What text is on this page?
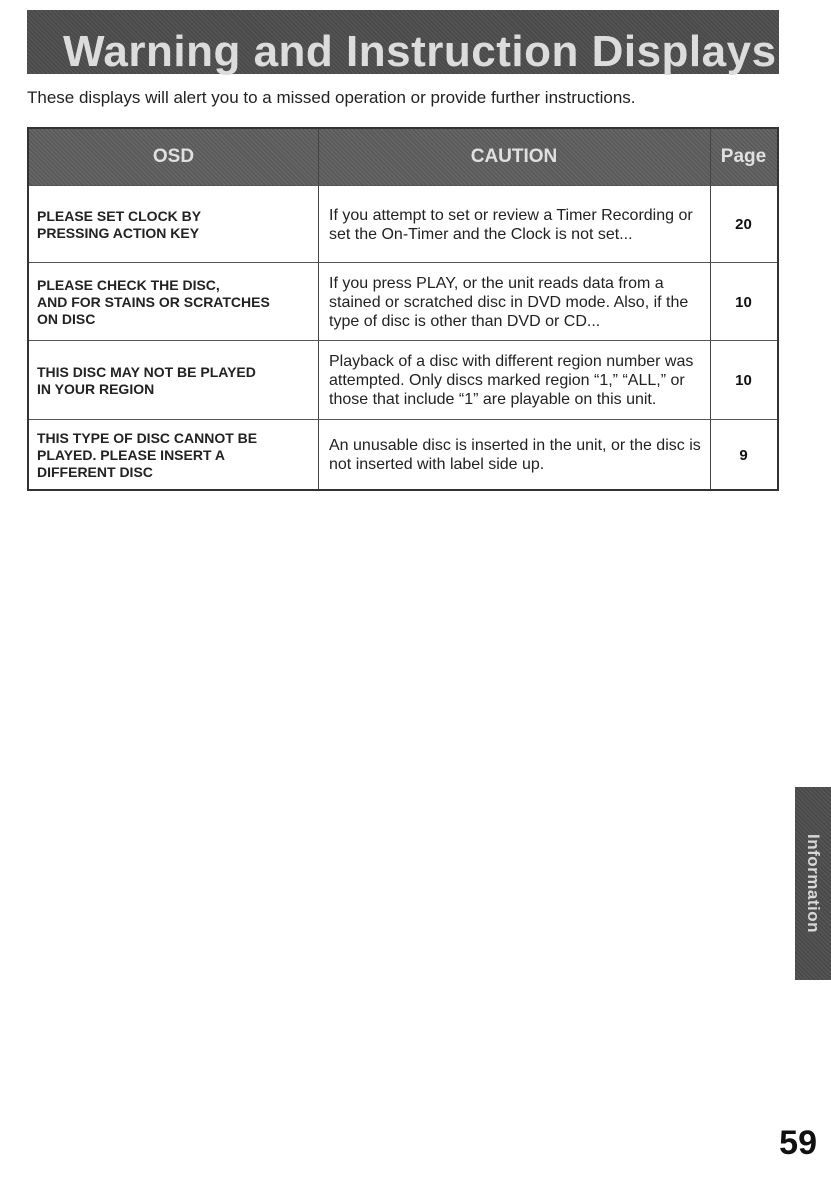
Warning and Instruction Displays
These displays will alert you to a missed operation or provide further instructions.
OSD	CAUTION	Page
PLEASE SET CLOCK BY
PRESSING ACTION KEY
If you attempt to set or review a Timer Recording or set the On-Timer and the Clock is not set...
20
PLEASE CHECK THE DISC,
AND FOR STAINS OR SCRATCHES
ON DISC
If you press PLAY, or the unit reads data from a stained or scratched disc in DVD mode. Also, if the type of disc is other than DVD or CD...
10
THIS DISC MAY NOT BE PLAYED
IN YOUR REGION
Playback of a disc with different region number was attempted. Only discs marked region “1,” “ALL,” or those that include “1” are playable on this unit.
10
THIS TYPE OF DISC CANNOT BE
PLAYED. PLEASE INSERT A
DIFFERENT DISC
An unusable disc is inserted in the unit, or the disc is not inserted with label side up.
9
Information
59
